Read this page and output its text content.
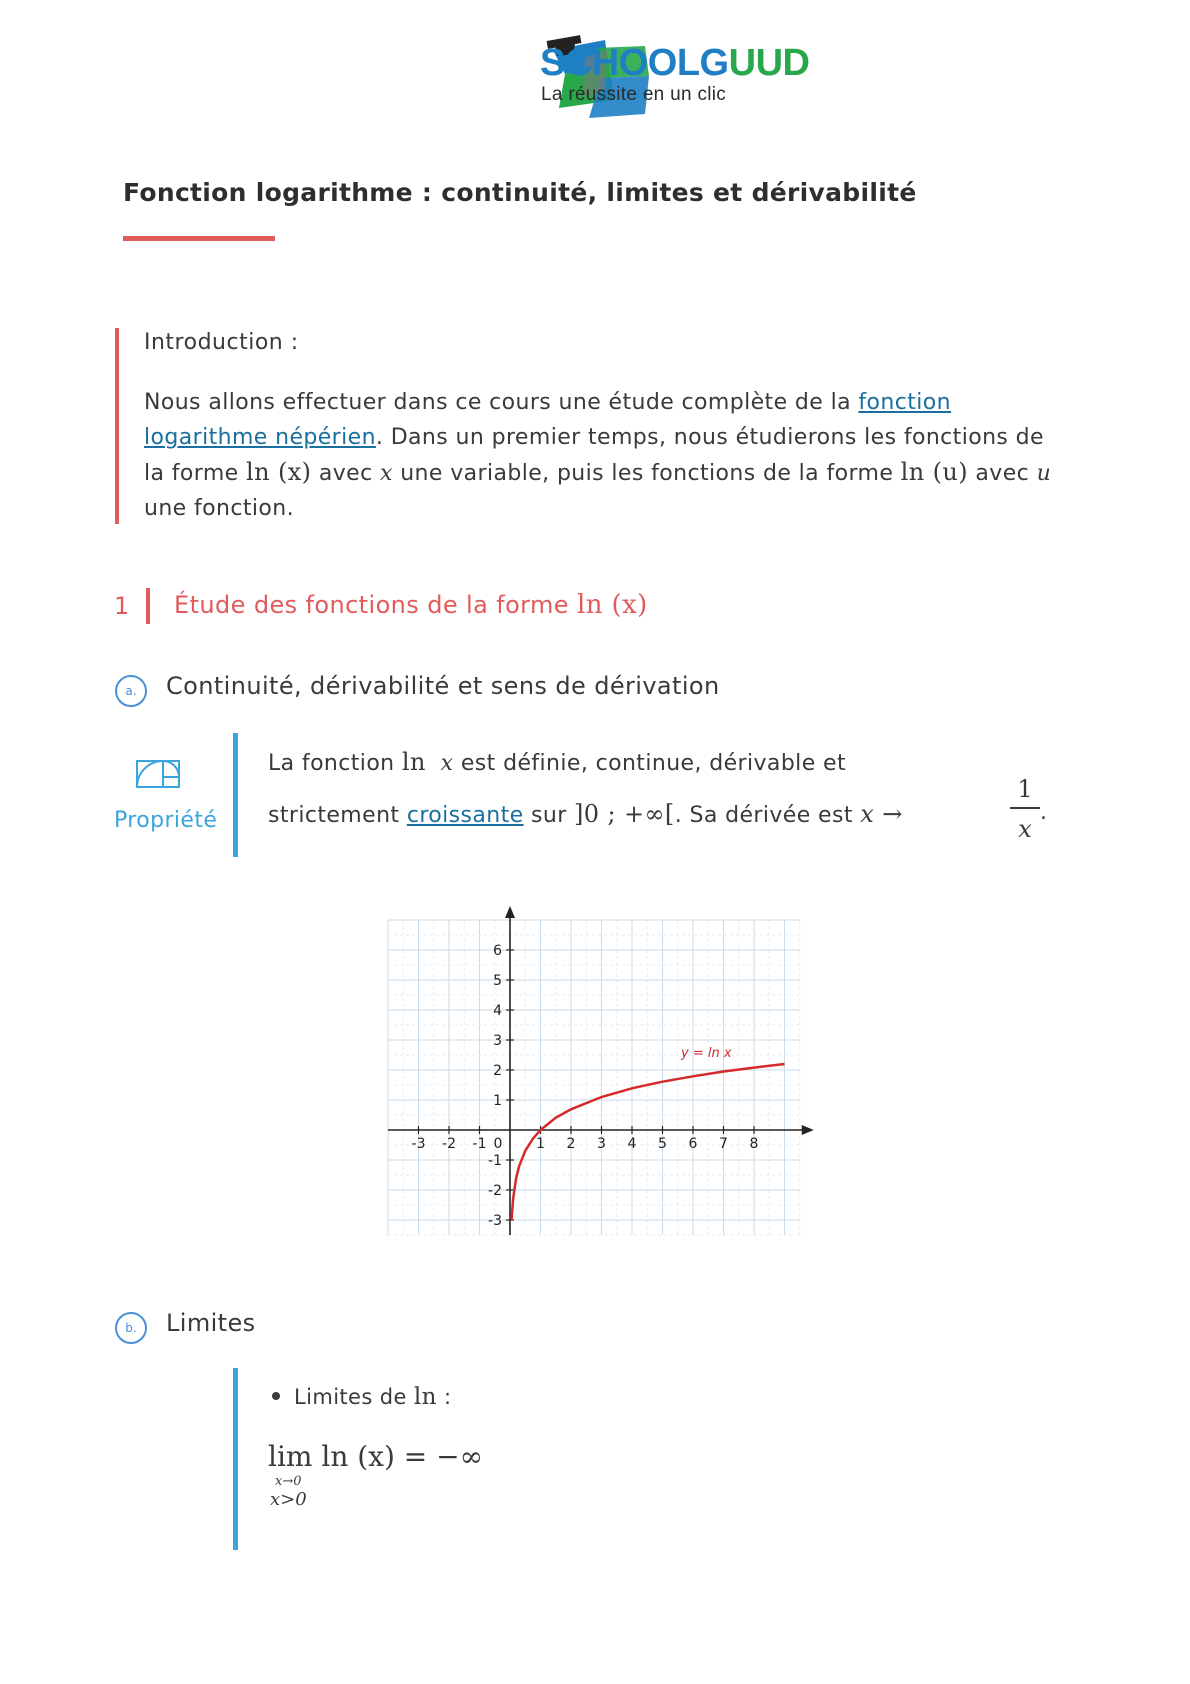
SCHOOLGUUD
La réussite en un clic
Fonction logarithme : continuité, limites et dérivabilité
Introduction :
Nous allons effectuer dans ce cours une étude complète de la fonction logarithme népérien. Dans un premier temps, nous étudierons les fonctions de la forme ln (x) avec x une variable, puis les fonctions de la forme ln (u) avec u une fonction.
1 Étude des fonctions de la forme ln (x)
a.	Continuité, dérivabilité et sens de dérivation
Propriété
La fonction ln x est définie, continue, dérivable et
strictement croissante sur ]0 ; +∞[. Sa dérivée est x →
1
x
.
-3 -2 -1 0 1 2 3 4 5 6 7 8
6
5
4
3
2
1
-1
-2
-3
y = ln x
b.	Limites
Limites de ln :
lim ln (x) = −∞
x→0
x>0
